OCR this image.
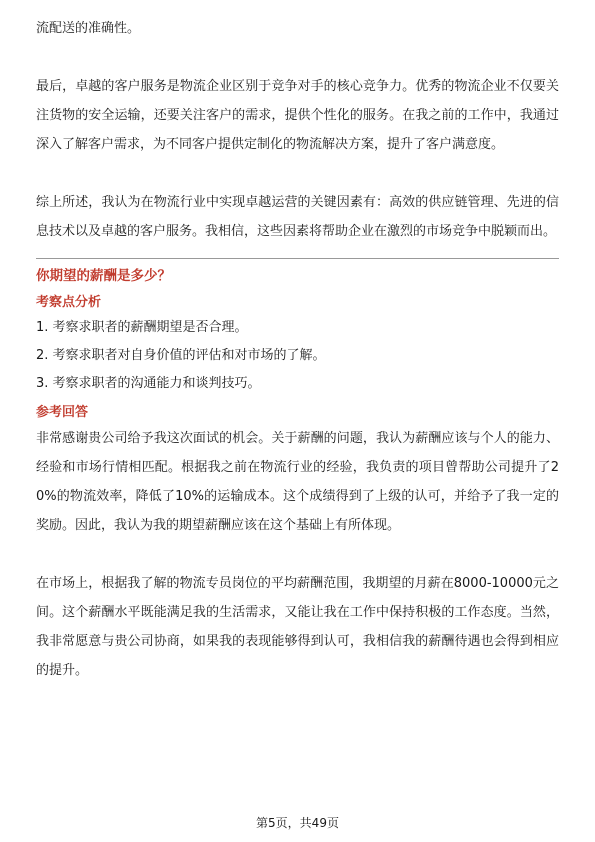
流配送的准确性。

最后，卓越的客户服务是物流企业区别于竞争对手的核心竞争力。优秀的物流企业不仅要关注货物的安全运输，还要关注客户的需求，提供个性化的服务。在我之前的工作中，我通过深入了解客户需求，为不同客户提供定制化的物流解决方案，提升了客户满意度。

综上所述，我认为在物流行业中实现卓越运营的关键因素有：高效的供应链管理、先进的信息技术以及卓越的客户服务。我相信，这些因素将帮助企业在激烈的市场竞争中脱颖而出。

你期望的薪酬是多少？
考察点分析
1. 考察求职者的薪酬期望是否合理。
2. 考察求职者对自身价值的评估和对市场的了解。
3. 考察求职者的沟通能力和谈判技巧。
参考回答

非常感谢贵公司给予我这次面试的机会。关于薪酬的问题，我认为薪酬应该与个人的能力、经验和市场行情相匹配。根据我之前在物流行业的经验，我负责的项目曾帮助公司提升了20%的物流效率，降低了10%的运输成本。这个成绩得到了上级的认可，并给予了我一定的奖励。因此，我认为我的期望薪酬应该在这个基础上有所体现。

在市场上，根据我了解的物流专员岗位的平均薪酬范围，我期望的月薪在8000-10000元之间。这个薪酬水平既能满足我的生活需求，又能让我在工作中保持积极的工作态度。当然，我非常愿意与贵公司协商，如果我的表现能够得到认可，我相信我的薪酬待遇也会得到相应的提升。

第5页，共49页
